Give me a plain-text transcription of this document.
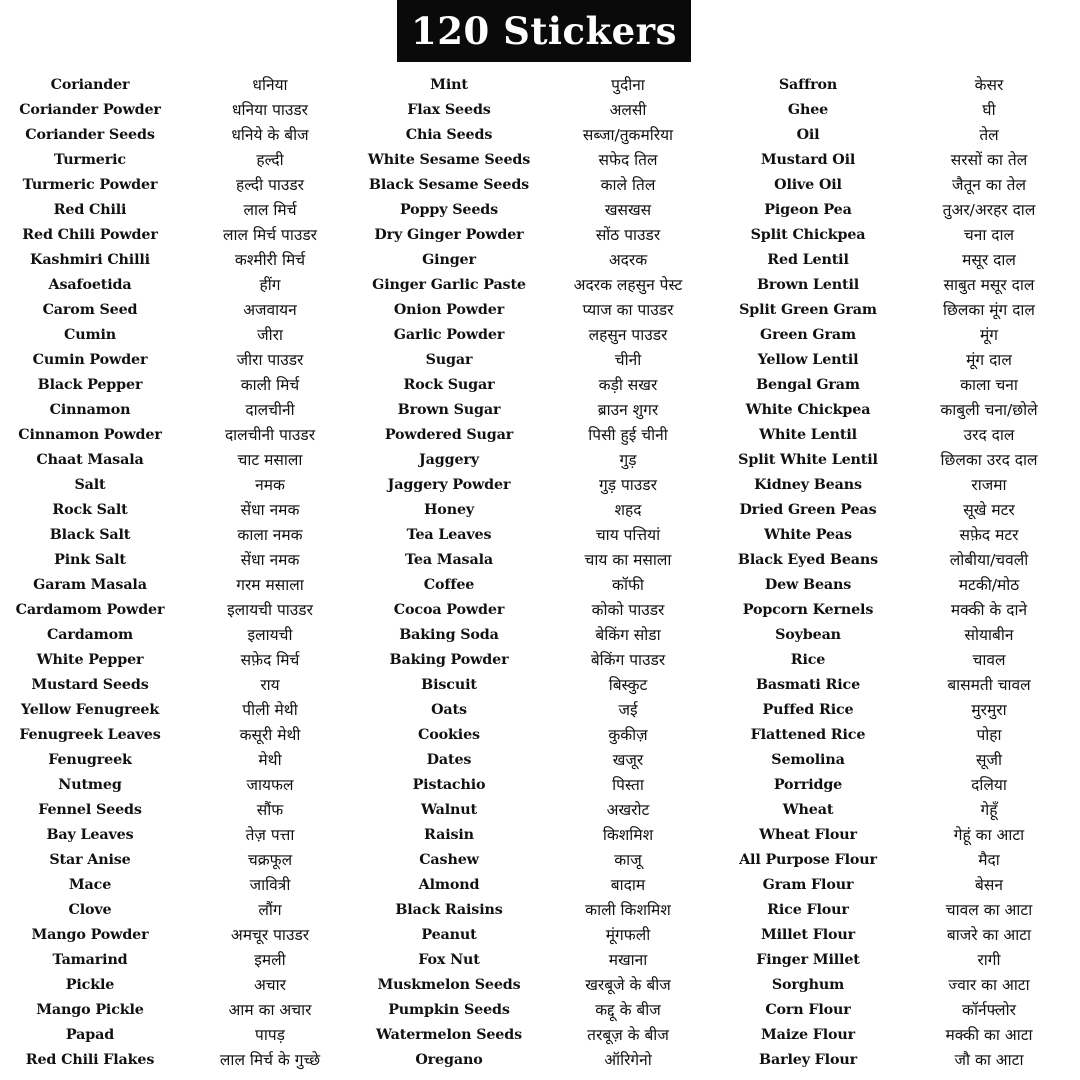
120 Stickers
Coriander
Coriander Powder
Coriander Seeds
Turmeric
Turmeric Powder
Red Chili
Red Chili Powder
Kashmiri Chilli
Asafoetida
Carom Seed
Cumin
Cumin Powder
Black Pepper
Cinnamon
Cinnamon Powder
Chaat Masala
Salt
Rock Salt
Black Salt
Pink Salt
Garam Masala
Cardamom Powder
Cardamom
White Pepper
Mustard Seeds
Yellow Fenugreek
Fenugreek Leaves
Fenugreek
Nutmeg
Fennel Seeds
Bay Leaves
Star Anise
Mace
Clove
Mango Powder
Tamarind
Pickle
Mango Pickle
Papad
Red Chili Flakes
धनिया
धनिया पाउडर
धनिये के बीज
हल्दी
हल्दी पाउडर
लाल मिर्च
लाल मिर्च पाउडर
कश्मीरी मिर्च
हींग
अजवायन
जीरा
जीरा पाउडर
काली मिर्च
दालचीनी
दालचीनी पाउडर
चाट मसाला
नमक
सेंधा नमक
काला नमक
सेंधा नमक
गरम मसाला
इलायची पाउडर
इलायची
सफ़ेद मिर्च
राय
पीली मेथी
कसूरी मेथी
मेथी
जायफल
सौंफ
तेज़ पत्ता
चक्रफूल
जावित्री
लौंग
अमचूर पाउडर
इमली
अचार
आम का अचार
पापड़
लाल मिर्च के गुच्छे
Mint
Flax Seeds
Chia Seeds
White Sesame Seeds
Black Sesame Seeds
Poppy Seeds
Dry Ginger Powder
Ginger
Ginger Garlic Paste
Onion Powder
Garlic Powder
Sugar
Rock Sugar
Brown Sugar
Powdered Sugar
Jaggery
Jaggery Powder
Honey
Tea Leaves
Tea Masala
Coffee
Cocoa Powder
Baking Soda
Baking Powder
Biscuit
Oats
Cookies
Dates
Pistachio
Walnut
Raisin
Cashew
Almond
Black Raisins
Peanut
Fox Nut
Muskmelon Seeds
Pumpkin Seeds
Watermelon Seeds
Oregano
पुदीना
अलसी
सब्जा/तुकमरिया
सफेद तिल
काले तिल
खसखस
सोंठ पाउडर
अदरक
अदरक लहसुन पेस्ट
प्याज का पाउडर
लहसुन पाउडर
चीनी
कड़ी सखर
ब्राउन शुगर
पिसी हुई चीनी
गुड़
गुड़ पाउडर
शहद
चाय पत्तियां
चाय का मसाला
कॉफी
कोको पाउडर
बेकिंग सोडा
बेकिंग पाउडर
बिस्कुट
जई
कुकीज़
खजूर
पिस्ता
अखरोट
किशमिश
काजू
बादाम
काली किशमिश
मूंगफली
मखाना
खरबूजे के बीज
कद्दू के बीज
तरबूज़ के बीज
ऑरिगेनो
Saffron
Ghee
Oil
Mustard Oil
Olive Oil
Pigeon Pea
Split Chickpea
Red Lentil
Brown Lentil
Split Green Gram
Green Gram
Yellow Lentil
Bengal Gram
White Chickpea
White Lentil
Split White Lentil
Kidney Beans
Dried Green Peas
White Peas
Black Eyed Beans
Dew Beans
Popcorn Kernels
Soybean
Rice
Basmati Rice
Puffed Rice
Flattened Rice
Semolina
Porridge
Wheat
Wheat Flour
All Purpose Flour
Gram Flour
Rice Flour
Millet Flour
Finger Millet
Sorghum
Corn Flour
Maize Flour
Barley Flour
केसर
घी
तेल
सरसों का तेल
जैतून का तेल
तुअर/अरहर दाल
चना दाल
मसूर दाल
साबुत मसूर दाल
छिलका मूंग दाल
मूंग
मूंग दाल
काला चना
काबुली चना/छोले
उरद दाल
छिलका उरद दाल
राजमा
सूखे मटर
सफ़ेद मटर
लोबीया/चवली
मटकी/मोठ
मक्की के दाने
सोयाबीन
चावल
बासमती चावल
मुरमुरा
पोहा
सूजी
दलिया
गेहूँ
गेहूं का आटा
मैदा
बेसन
चावल का आटा
बाजरे का आटा
रागी
ज्वार का आटा
कॉर्नफ्लोर
मक्की का आटा
जौ का आटा
